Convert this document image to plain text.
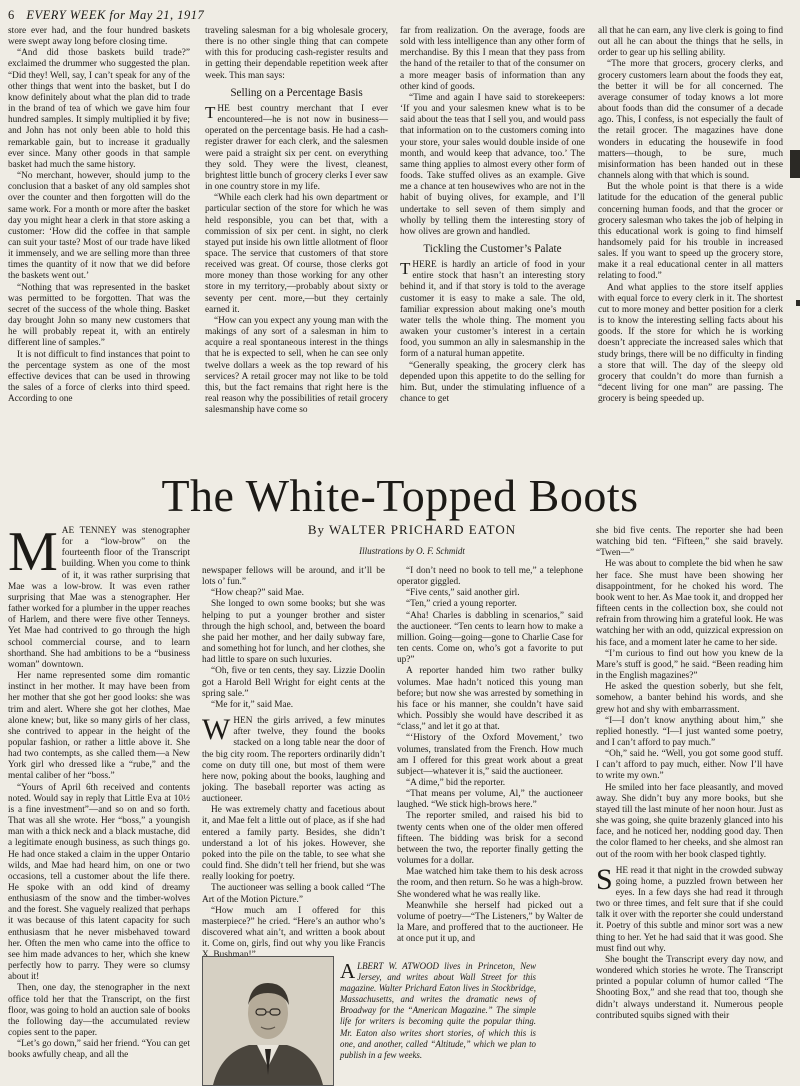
6 EVERY WEEK for May 21, 1917

store ever had, and the four hundred baskets were swept away long before closing time.

“And did those baskets build trade?” exclaimed the drummer who suggested the plan. “Did they! Well, say, I can’t speak for any of the other things that went into the basket, but I do know definitely about what the plan did to trade in the brand of tea of which we gave him four hundred samples. It simply multiplied it by five; and John has not only been able to hold this remarkable gain, but to increase it gradually ever since. Many other goods in that sample basket had much the same history.

“No merchant, however, should jump to the conclusion that a basket of any old samples shot over the counter and then forgotten will do the same work. For a month or more after the basket day you might hear a clerk in that store asking a customer: ‘How did the coffee in that sample can suit your taste? Most of our trade have liked it immensely, and we are selling more than three times the quantity of it now that we did before the baskets went out.’

“Nothing that was represented in the basket was permitted to be forgotten. That was the secret of the success of the whole thing. Basket day brought John so many new customers that he will probably repeat it, with an entirely different line of samples.”

It is not difficult to find instances that point to the percentage system as one of the most effective devices that can be used in throwing the sales of a force of clerks into third speed. According to one

traveling salesman for a big wholesale grocery, there is no other single thing that can compete with this for producing cash-register results and in getting their dependable repetition week after week. This man says:

Selling on a Percentage Basis

THE best country merchant that I ever encountered—he is not now in business—operated on the percentage basis. He had a cash-register drawer for each clerk, and the salesmen were paid a straight six per cent. on everything they sold. They were the livest, cleanest, brightest little bunch of grocery clerks I ever saw in one country store in my life.

“While each clerk had his own department or particular section of the store for which he was held responsible, you can bet that, with a commission of six per cent. in sight, no clerk stayed put inside his own little allotment of floor space. The service that customers of that store received was great. Of course, those clerks got more money than those working for any other store in my territory,—probably about sixty or seventy per cent. more,—but they certainly earned it.

“How can you expect any young man with the makings of any sort of a salesman in him to acquire a real spontaneous interest in the things that he is expected to sell, when he can see only twelve dollars a week as the top reward of his services? A retail grocer may not like to be told this, but the fact remains that right here is the real reason why the possibilities of retail grocery salesmanship have come so

far from realization. On the average, foods are sold with less intelligence than any other form of merchandise. By this I mean that they pass from the hand of the retailer to that of the consumer on a more meager basis of information than any other kind of goods.

“Time and again I have said to storekeepers: ‘If you and your salesmen knew what is to be said about the teas that I sell you, and would pass that information on to the customers coming into your store, your sales would double inside of one month, and would keep that advance, too.’ The same thing applies to almost every other form of foods. Take stuffed olives as an example. Give me a chance at ten housewives who are not in the habit of buying olives, for example, and I’ll undertake to sell seven of them simply and wholly by telling them the interesting story of how olives are grown and handled.

Tickling the Customer’s Palate

THERE is hardly an article of food in your entire stock that hasn’t an interesting story behind it, and if that story is told to the average customer it is easy to make a sale. The old, familiar expression about making one’s mouth water tells the whole thing. The moment you awaken your customer’s interest in a certain food, you summon an ally in salesmanship in the form of a natural human appetite.

“Generally speaking, the grocery clerk has depended upon this appetite to do the selling for him. But, under the stimulating influence of a chance to get

all that he can earn, any live clerk is going to find out all he can about the things that he sells, in order to gear up his selling ability.

“The more that grocers, grocery clerks, and grocery customers learn about the foods they eat, the better it will be for all concerned. The average consumer of today knows a lot more about foods than did the consumer of a decade ago. This, I confess, is not especially the fault of the retail grocer. The magazines have done wonders in educating the housewife in food matters—though, to be sure, much misinformation has been handed out in these channels along with that which is sound.

But the whole point is that there is a wide latitude for the education of the general public concerning human foods, and that the grocer or grocery salesman who takes the job of helping in this educational work is going to find himself handsomely paid for his trouble in increased sales. If you want to speed up the grocery store, make it a real educational center in all matters relating to food.”

And what applies to the store itself applies with equal force to every clerk in it. The shortest cut to more money and better position for a clerk is to know the interesting selling facts about his goods. If the store for which he is working doesn’t appreciate the increased sales which that study brings, there will be no difficulty in finding a store that will. The day of the sleepy old grocery that couldn’t do more than furnish a “decent living for one man” are passing. The grocery is being speeded up.

The White-Topped Boots
By WALTER PRICHARD EATON
Illustrations by O. F. Schmidt

MAE TENNEY was stenographer for a “low-brow” on the fourteenth floor of the Transcript building. When you come to think of it, it was rather surprising that Mae was a low-brow. It was even rather surprising that Mae was a stenographer. Her father worked for a plumber in the upper reaches of Harlem, and there were five other Tenneys. Yet Mae had contrived to go through the high school commercial course, and to learn shorthand. She had ambitions to be a “business woman” downtown.

Her name represented some dim romantic instinct in her mother. It may have been from her mother that she got her good looks: she was trim and alert. Where she got her clothes, Mae alone knew; but, like so many girls of her class, she contrived to appear in the height of the popular fashion, or rather a little above it. She had two contempts, as she called them—a New York girl who dressed like a “rube,” and the mental caliber of her “boss.”

“Yours of April 6th received and contents noted. Would say in reply that Little Eva at 10½ is a fine investment”—and so on and so forth. That was all she wrote. Her “boss,” a youngish man with a thick neck and a black mustache, did a legitimate enough business, as such things go. He had once staked a claim in the upper Ontario wilds, and Mae had heard him, on one or two occasions, tell a customer about the life there. He spoke with an odd kind of dreamy enthusiasm of the snow and the timber-wolves and the forest. She vaguely realized that perhaps it was because of this latent capacity for such enthusiasm that he never misbehaved toward her. Often the men who came into the office to see him made advances to her, which she knew perfectly how to parry. They were so clumsy about it!

Then, one day, the stenographer in the next office told her that the Transcript, on the first floor, was going to hold an auction sale of books the following day—the accumulated review copies sent to the paper.

“Let’s go down,” said her friend. “You can get books awfully cheap, and all the

newspaper fellows will be around, and it’ll be lots o’ fun.”

“How cheap?” said Mae.

She longed to own some books; but she was helping to put a younger brother and sister through the high school, and, between the board she paid her mother, and her daily subway fare, and something hot for lunch, and her clothes, she had little to spare on such luxuries.

“Oh, five or ten cents, they say. Lizzie Doolin got a Harold Bell Wright for eight cents at the spring sale.”

“Me for it,” said Mae.

WHEN the girls arrived, a few minutes after twelve, they found the books stacked on a long table near the door of the big city room. The reporters ordinarily didn’t come on duty till one, but most of them were here now, poking about the books, laughing and joking. The baseball reporter was acting as auctioneer.

He was extremely chatty and facetious about it, and Mae felt a little out of place, as if she had entered a family party. Besides, she didn’t understand a lot of his jokes. However, she poked into the pile on the table, to see what she could find. She didn’t tell her friend, but she was really looking for poetry.

The auctioneer was selling a book called “The Art of the Motion Picture.”

“How much am I offered for this masterpiece?” he cried. “Here’s an author who’s discovered what ain’t, and written a book about it. Come on, girls, find out why you like Francis

“I don’t need no book to tell me,” a telephone operator giggled.

“Five cents,” said another girl.

“Ten,” cried a young reporter.

“Aha! Charles is dabbling in scenarios,” said the auctioneer. “Ten cents to learn how to make a million. Going—going—gone to Charlie Case for ten cents. Come on, who’s got a favorite to put up?”

A reporter handed him two rather bulky volumes. Mae hadn’t noticed this young man before; but now she was arrested by something in his face or his manner, she couldn’t have said which. Possibly she would have described it as “class,” and let it go at that.

“‘History of the Oxford Movement,’ two volumes, translated from the French. How much am I offered for this great work about a great subject—whatever it is,” said the auctioneer.

“A dime,” bid the reporter.

“That means per volume, Al,” the auctioneer laughed. “We stick high-brows here.”

The reporter smiled, and raised his bid to twenty cents when one of the older men offered fifteen. The bidding was brisk for a second between the two, the reporter finally getting the volumes for a dollar.

Mae watched him take them to his desk across the room, and then return. So he was a high-brow. She wondered what he was really like.

Meanwhile she herself had picked out a volume of poetry—“The Listeners,” by Walter de la Mare, and proffered that to the auctioneer. He at once put it up, and

she bid five cents. The reporter she had been watching bid ten. “Fifteen,” she said bravely. “Twen—”

He was about to complete the bid when he saw her face. She must have been showing her disappointment, for he choked his word. The book went to her. As Mae took it, and dropped her fifteen cents in the collection box, she could not refrain from throwing him a grateful look. He was watching her with an odd, quizzical expression on his face, and a moment later he came to her side.

“I’m curious to find out how you knew de la Mare’s stuff is good,” he said. “Been reading him in the English magazines?”

He asked the question soberly, but she felt, somehow, a banter behind his words, and she grew hot and shy with embarrassment.

“I—I don’t know anything about him,” she replied honestly. “I—I just wanted some poetry, and I can’t afford to pay much.”

“Oh,” said he. “Well, you got some good stuff. I can’t afford to pay much, either. Now I’ll have to write my own.”

He smiled into her face pleasantly, and moved away. She didn’t buy any more books, but she stayed till the last minute of her noon hour. Just as she was going, she quite brazenly glanced into his face, and he noticed her, nodding good day. Then the color flamed to her cheeks, and she almost ran out of the room with her book clasped tightly.

SHE read it that night in the crowded subway going home, a puzzled frown between her eyes. In a few days she had read it through two or three times, and felt sure that if she could talk it over with the reporter she could understand it. Poetry of this subtle and minor sort was a new thing to her. Yet he had said that it was good. She must find out why.

She bought the Transcript every day now, and wondered which stories he wrote. The Transcript printed a popular column of humor called “The Shooting Box,” and she read that too, though she didn’t always understand it. Numerous people contributed squibs signed with their

ALBERT W. ATWOOD lives in Princeton, New Jersey, and writes about Wall Street for this magazine. Walter Prichard Eaton lives in Stockbridge, Massachusetts, and writes the dramatic news of Broadway for the “American Magazine.” The simple life for writers is becoming quite the popular thing. Mr. Eaton also writes short stories, of which this is one, and another, called “Altitude,” which we plan to publish in a few weeks.
